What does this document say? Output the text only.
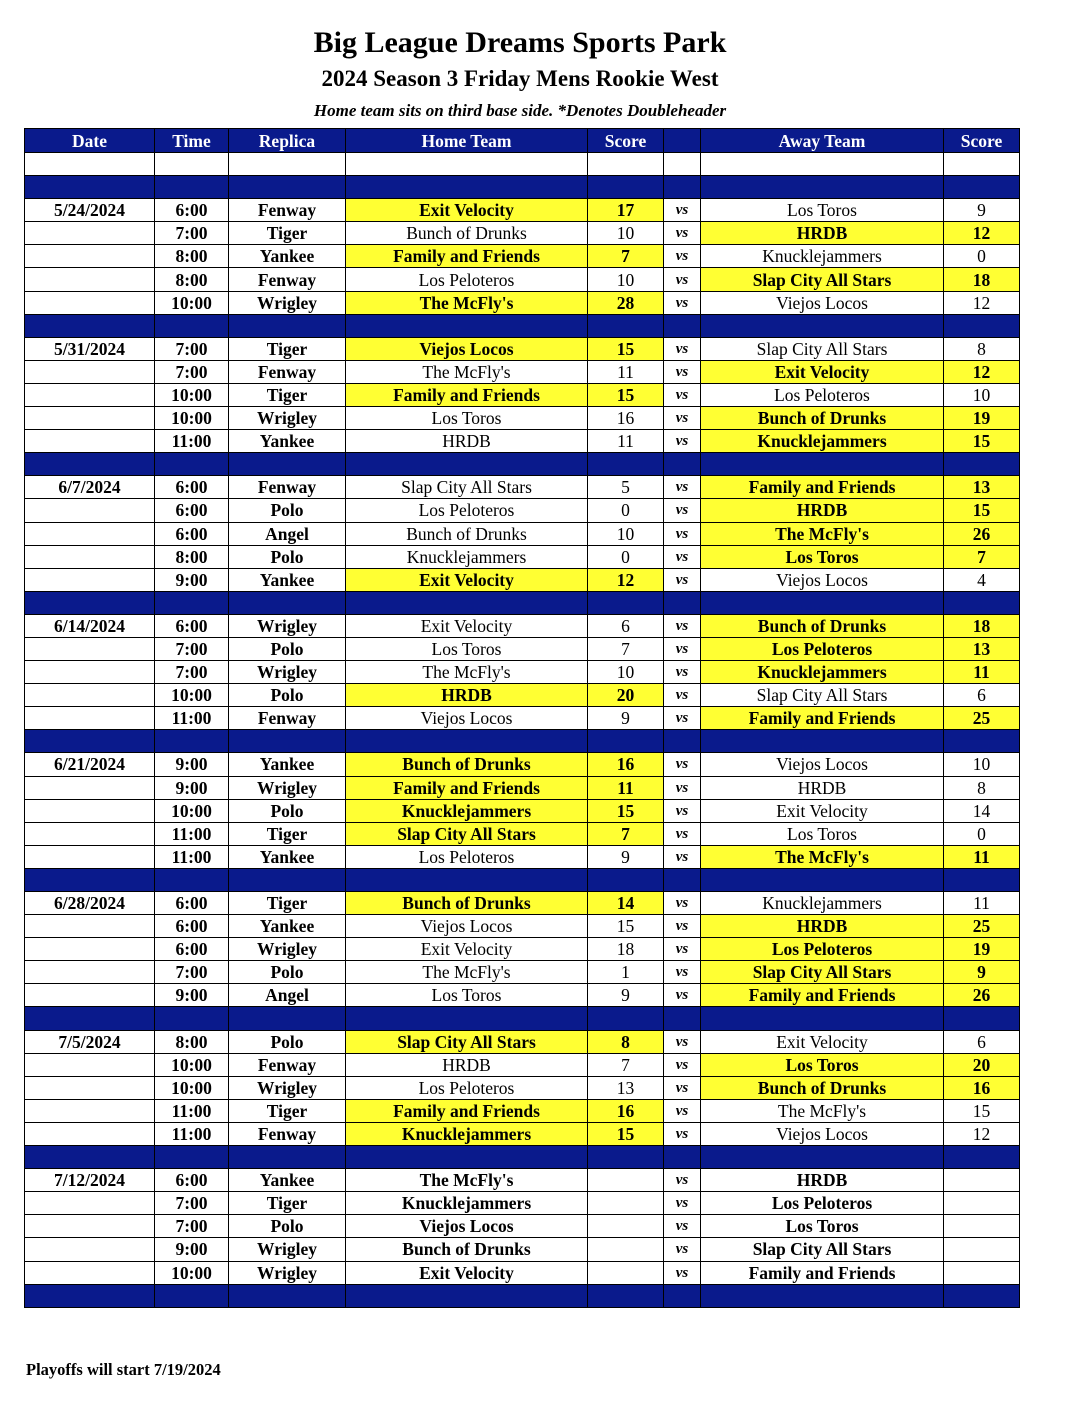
Big League Dreams Sports Park
2024 Season 3 Friday Mens Rookie West
Home team sits on third base side. *Denotes Doubleheader
Date	Time	Replica	Home Team	Score		Away Team	Score

5/24/2024	6:00	Fenway	Exit Velocity	17	vs	Los Toros	9
	7:00	Tiger	Bunch of Drunks	10	vs	HRDB	12
	8:00	Yankee	Family and Friends	7	vs	Knucklejammers	0
	8:00	Fenway	Los Peloteros	10	vs	Slap City All Stars	18
	10:00	Wrigley	The McFly's	28	vs	Viejos Locos	12

5/31/2024	7:00	Tiger	Viejos Locos	15	vs	Slap City All Stars	8
	7:00	Fenway	The McFly's	11	vs	Exit Velocity	12
	10:00	Tiger	Family and Friends	15	vs	Los Peloteros	10
	10:00	Wrigley	Los Toros	16	vs	Bunch of Drunks	19
	11:00	Yankee	HRDB	11	vs	Knucklejammers	15

6/7/2024	6:00	Fenway	Slap City All Stars	5	vs	Family and Friends	13
	6:00	Polo	Los Peloteros	0	vs	HRDB	15
	6:00	Angel	Bunch of Drunks	10	vs	The McFly's	26
	8:00	Polo	Knucklejammers	0	vs	Los Toros	7
	9:00	Yankee	Exit Velocity	12	vs	Viejos Locos	4

6/14/2024	6:00	Wrigley	Exit Velocity	6	vs	Bunch of Drunks	18
	7:00	Polo	Los Toros	7	vs	Los Peloteros	13
	7:00	Wrigley	The McFly's	10	vs	Knucklejammers	11
	10:00	Polo	HRDB	20	vs	Slap City All Stars	6
	11:00	Fenway	Viejos Locos	9	vs	Family and Friends	25

6/21/2024	9:00	Yankee	Bunch of Drunks	16	vs	Viejos Locos	10
	9:00	Wrigley	Family and Friends	11	vs	HRDB	8
	10:00	Polo	Knucklejammers	15	vs	Exit Velocity	14
	11:00	Tiger	Slap City All Stars	7	vs	Los Toros	0
	11:00	Yankee	Los Peloteros	9	vs	The McFly's	11

6/28/2024	6:00	Tiger	Bunch of Drunks	14	vs	Knucklejammers	11
	6:00	Yankee	Viejos Locos	15	vs	HRDB	25
	6:00	Wrigley	Exit Velocity	18	vs	Los Peloteros	19
	7:00	Polo	The McFly's	1	vs	Slap City All Stars	9
	9:00	Angel	Los Toros	9	vs	Family and Friends	26

7/5/2024	8:00	Polo	Slap City All Stars	8	vs	Exit Velocity	6
	10:00	Fenway	HRDB	7	vs	Los Toros	20
	10:00	Wrigley	Los Peloteros	13	vs	Bunch of Drunks	16
	11:00	Tiger	Family and Friends	16	vs	The McFly's	15
	11:00	Fenway	Knucklejammers	15	vs	Viejos Locos	12

7/12/2024	6:00	Yankee	The McFly's		vs	HRDB	
	7:00	Tiger	Knucklejammers		vs	Los Peloteros	
	7:00	Polo	Viejos Locos		vs	Los Toros	
	9:00	Wrigley	Bunch of Drunks		vs	Slap City All Stars	
	10:00	Wrigley	Exit Velocity		vs	Family and Friends	

Playoffs will start 7/19/2024
